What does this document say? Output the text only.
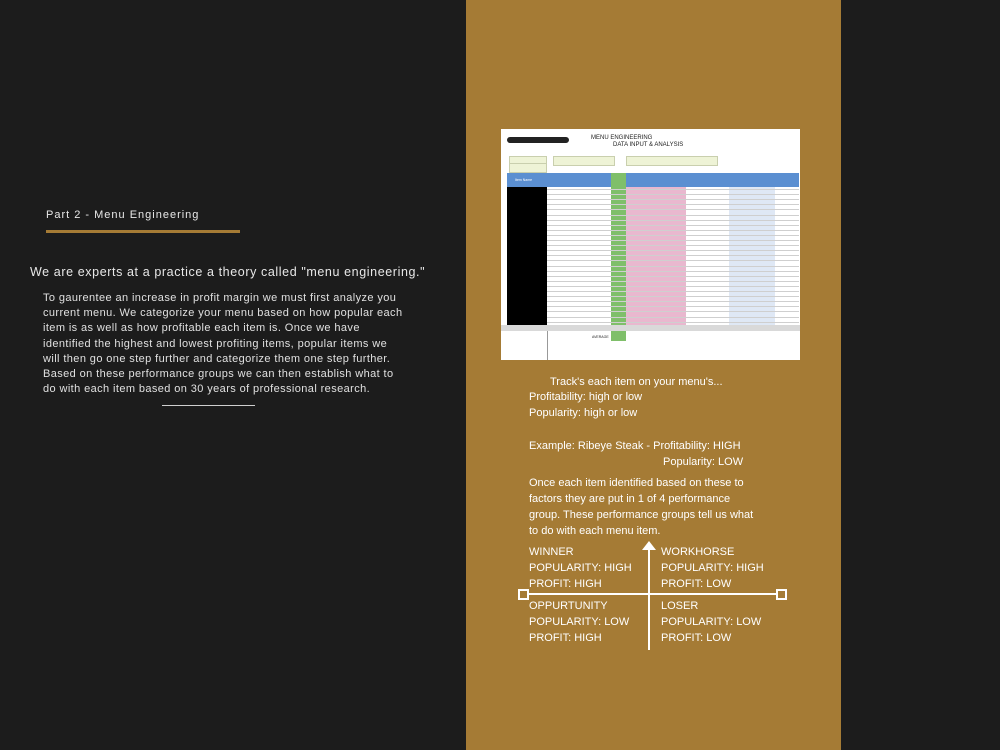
Part 2 - Menu Engineering
We are experts at a practice a theory called "menu engineering."
To gaurentee an increase in profit margin we must first analyze you
current menu. We categorize your menu based on how popular each
item is as well as how profitable each item is. Once we have
identified the highest and lowest profiting items, popular items we
will then go one step further and categorize them one step further.
Based on these performance groups we can then establish what to
do with each item based on 30 years of professional research.
MENU ENGINEERING
DATA INPUT & ANALYSIS
Item Name
AVERAGE
Track's each item on your menu's...
Profitability: high or low
Popularity: high or low
Example: Ribeye Steak - Profitability: HIGH
Popularity: LOW
Once each item identified based on these to
factors they are put in 1 of 4 performance
group. These performance groups tell us what
to do with each menu item.
WINNER
POPULARITY: HIGH
PROFIT: HIGH
WORKHORSE
POPULARITY: HIGH
PROFIT: LOW
OPPURTUNITY
POPULARITY: LOW
PROFIT: HIGH
LOSER
POPULARITY: LOW
PROFIT: LOW
